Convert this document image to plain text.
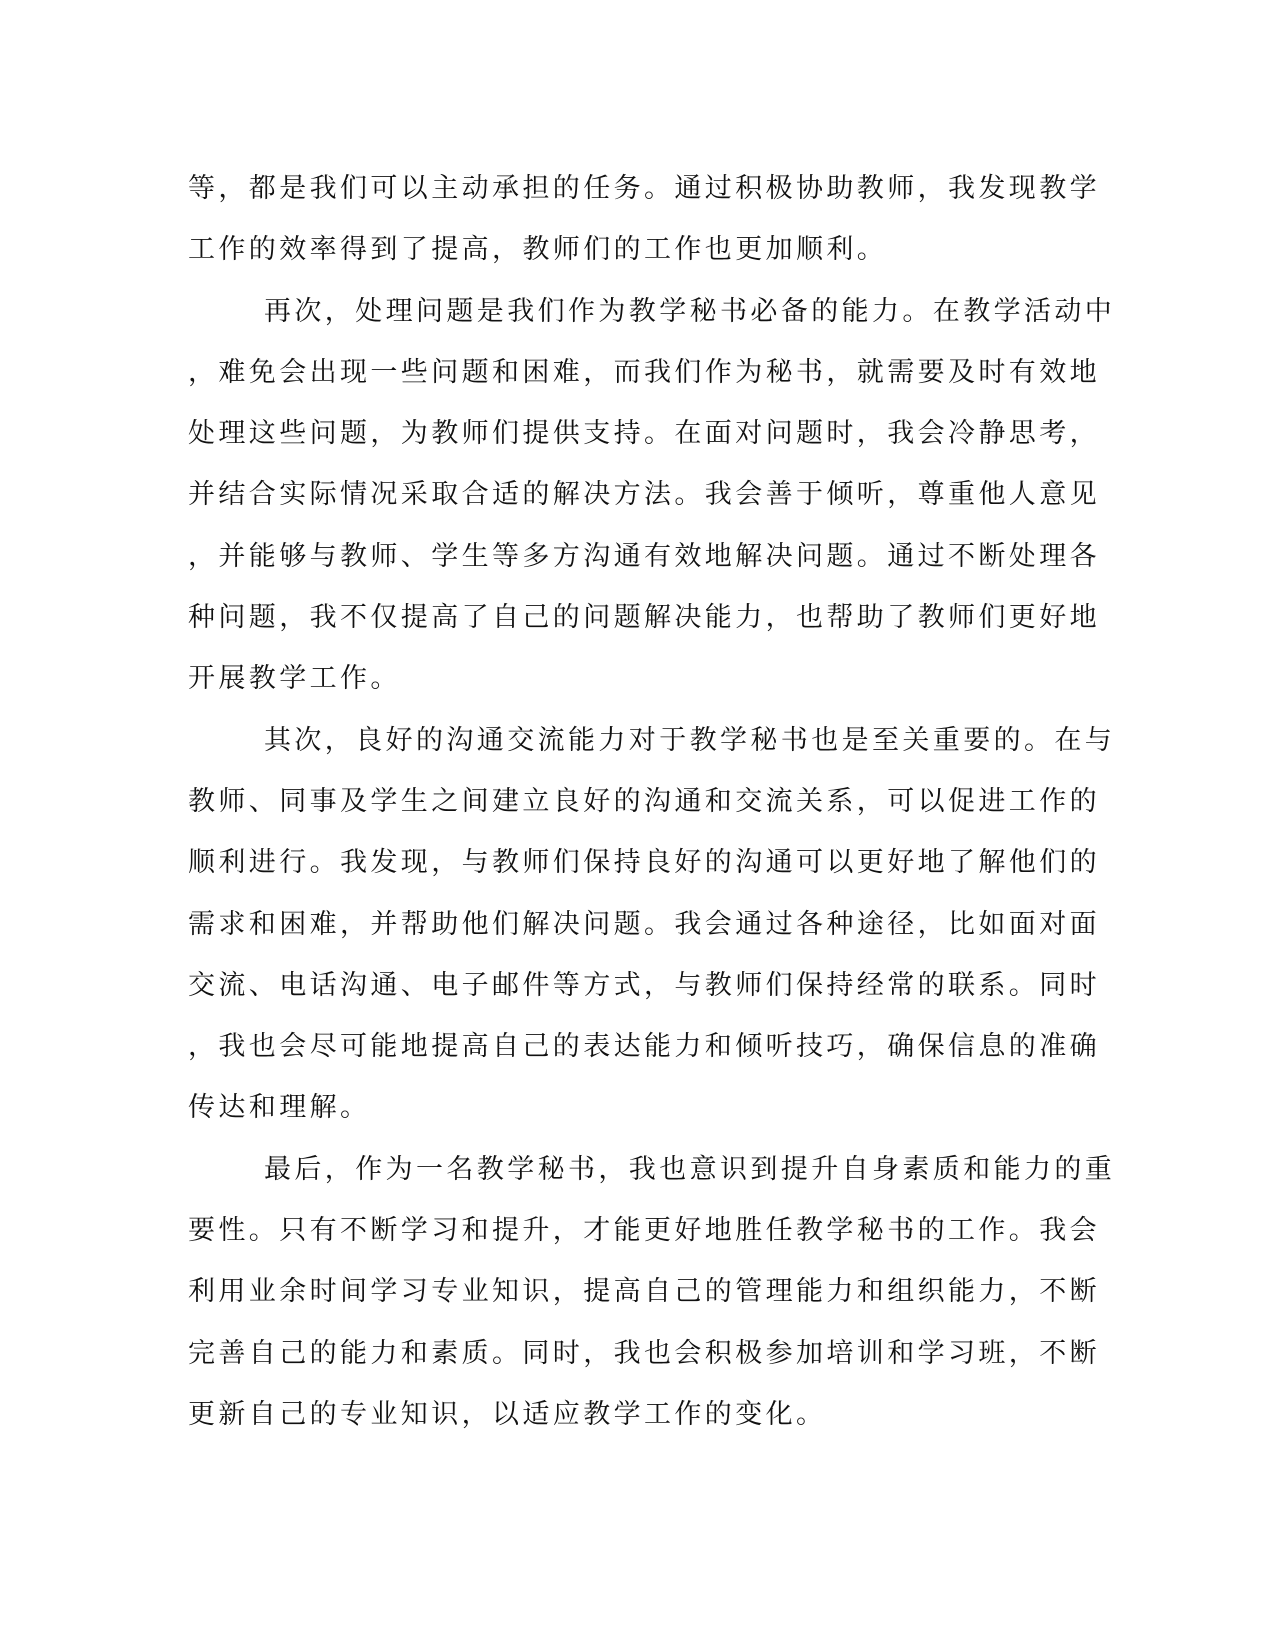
等，都是我们可以主动承担的任务。通过积极协助教师，我发现教学
工作的效率得到了提高，教师们的工作也更加顺利。
再次，处理问题是我们作为教学秘书必备的能力。在教学活动中
，难免会出现一些问题和困难，而我们作为秘书，就需要及时有效地
处理这些问题，为教师们提供支持。在面对问题时，我会冷静思考，
并结合实际情况采取合适的解决方法。我会善于倾听，尊重他人意见
，并能够与教师、学生等多方沟通有效地解决问题。通过不断处理各
种问题，我不仅提高了自己的问题解决能力，也帮助了教师们更好地
开展教学工作。
其次，良好的沟通交流能力对于教学秘书也是至关重要的。在与
教师、同事及学生之间建立良好的沟通和交流关系，可以促进工作的
顺利进行。我发现，与教师们保持良好的沟通可以更好地了解他们的
需求和困难，并帮助他们解决问题。我会通过各种途径，比如面对面
交流、电话沟通、电子邮件等方式，与教师们保持经常的联系。同时
，我也会尽可能地提高自己的表达能力和倾听技巧，确保信息的准确
传达和理解。
最后，作为一名教学秘书，我也意识到提升自身素质和能力的重
要性。只有不断学习和提升，才能更好地胜任教学秘书的工作。我会
利用业余时间学习专业知识，提高自己的管理能力和组织能力，不断
完善自己的能力和素质。同时，我也会积极参加培训和学习班，不断
更新自己的专业知识，以适应教学工作的变化。
